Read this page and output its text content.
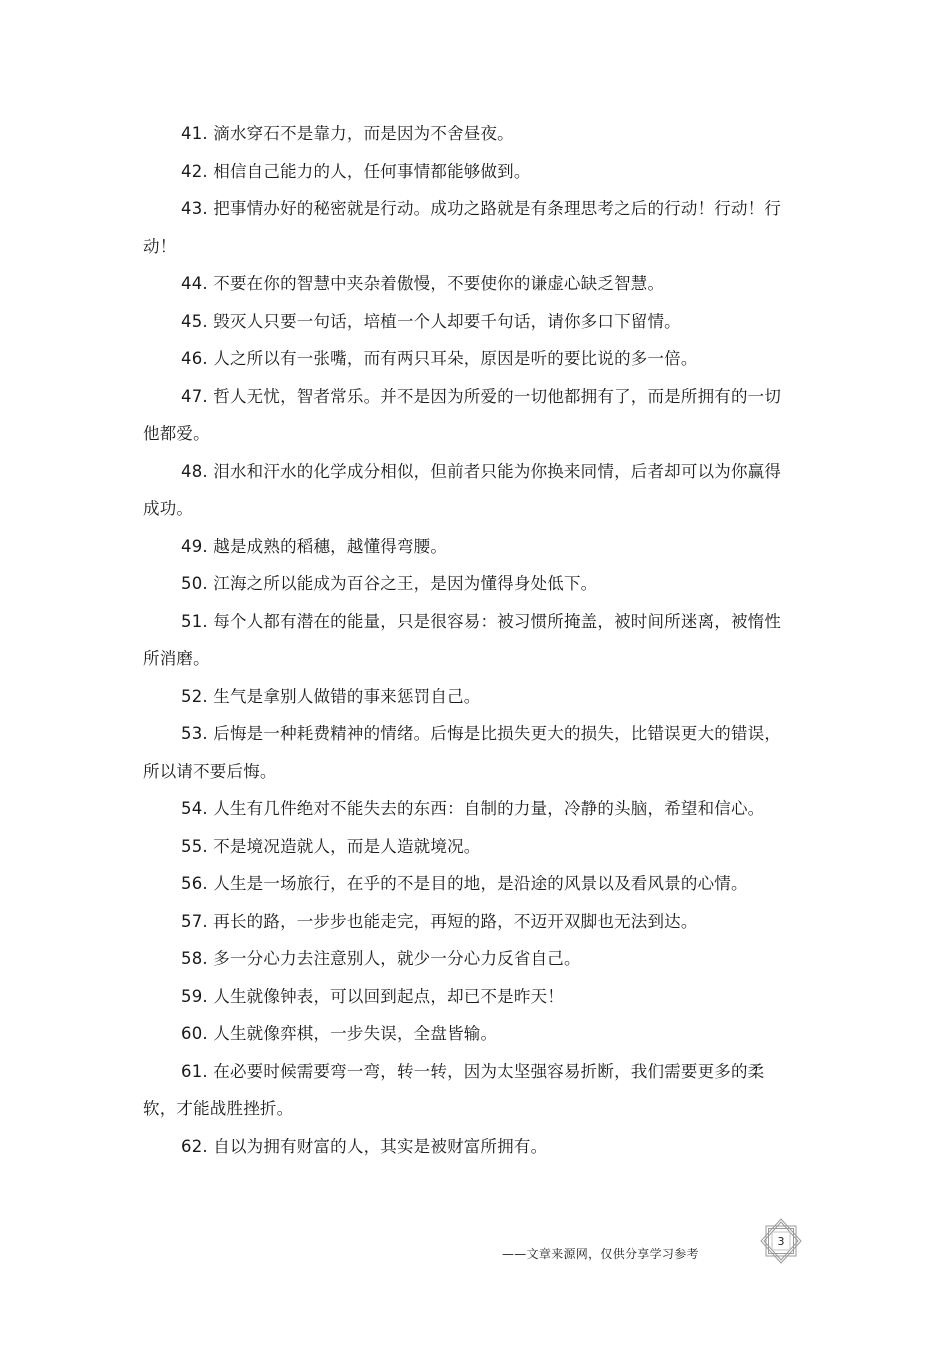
41. 滴水穿石不是靠力，而是因为不舍昼夜。

42. 相信自己能力的人，任何事情都能够做到。

43. 把事情办好的秘密就是行动。成功之路就是有条理思考之后的行动！行动！行动！

44. 不要在你的智慧中夹杂着傲慢，不要使你的谦虚心缺乏智慧。

45. 毁灭人只要一句话，培植一个人却要千句话，请你多口下留情。

46. 人之所以有一张嘴，而有两只耳朵，原因是听的要比说的多一倍。

47. 哲人无忧，智者常乐。并不是因为所爱的一切他都拥有了，而是所拥有的一切他都爱。

48. 泪水和汗水的化学成分相似，但前者只能为你换来同情，后者却可以为你赢得成功。

49. 越是成熟的稻穗，越懂得弯腰。

50. 江海之所以能成为百谷之王，是因为懂得身处低下。

51. 每个人都有潜在的能量，只是很容易：被习惯所掩盖，被时间所迷离，被惰性所消磨。

52. 生气是拿别人做错的事来惩罚自己。

53. 后悔是一种耗费精神的情绪。后悔是比损失更大的损失，比错误更大的错误，所以请不要后悔。

54. 人生有几件绝对不能失去的东西：自制的力量，冷静的头脑，希望和信心。

55. 不是境况造就人，而是人造就境况。

56. 人生是一场旅行，在乎的不是目的地，是沿途的风景以及看风景的心情。

57. 再长的路，一步步也能走完，再短的路，不迈开双脚也无法到达。

58. 多一分心力去注意别人，就少一分心力反省自己。

59. 人生就像钟表，可以回到起点，却已不是昨天！

60. 人生就像弈棋，一步失误，全盘皆输。

61. 在必要时候需要弯一弯，转一转，因为太坚强容易折断，我们需要更多的柔软，才能战胜挫折。

62. 自以为拥有财富的人，其实是被财富所拥有。

——文章来源网，仅供分享学习参考
3
